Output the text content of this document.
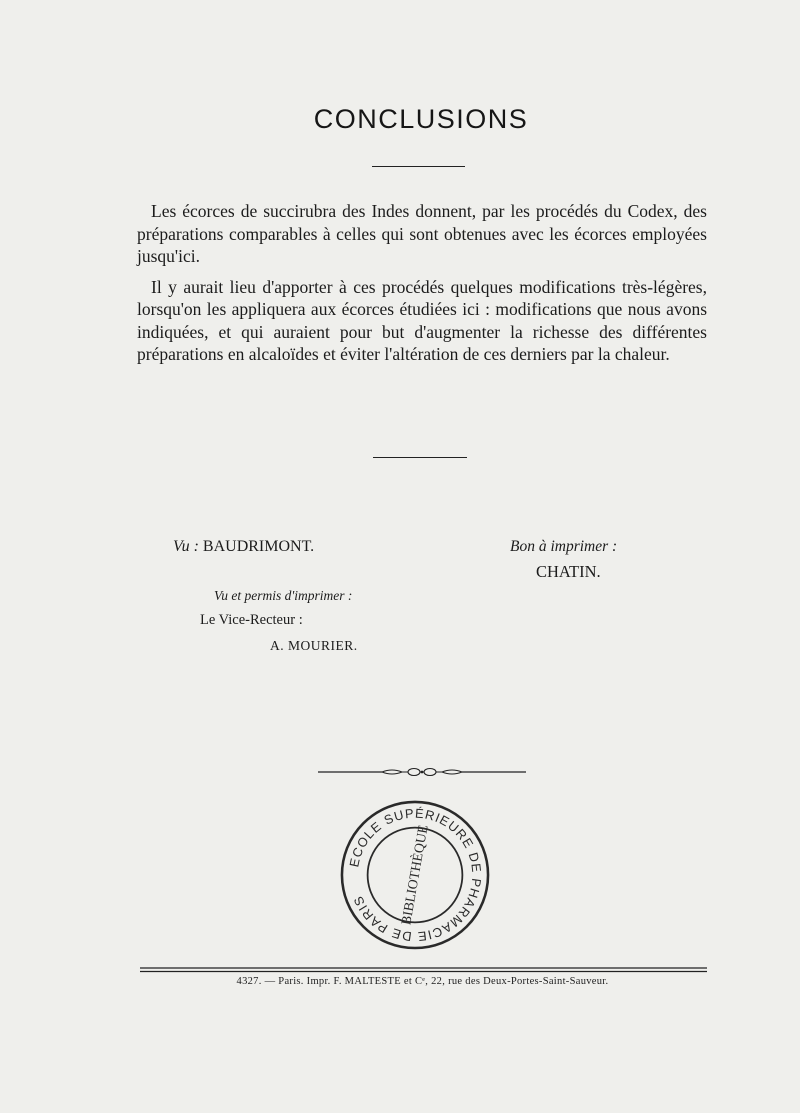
CONCLUSIONS

Les écorces de succirubra des Indes donnent, par les procédés du Codex, des préparations comparables à celles qui sont obtenues avec les écorces employées jusqu'ici.

Il y aurait lieu d'apporter à ces procédés quelques modifications très-légères, lorsqu'on les appliquera aux écorces étudiées ici : modifications que nous avons indiquées, et qui auraient pour but d'augmenter la richesse des différentes préparations en alcaloïdes et éviter l'altération de ces derniers par la chaleur.

Vu : BAUDRIMONT.	Bon à imprimer :
CHATIN.
Vu et permis d'imprimer :
Le Vice-Recteur :
A. MOURIER.
ECOLE SUPÉRIEURE DE PHARMACIE DE PARIS	BIBLIOTHÈQUE
4327. — Paris. Impr. F. MALTESTE et Cᵉ, 22, rue des Deux-Portes-Saint-Sauveur.
